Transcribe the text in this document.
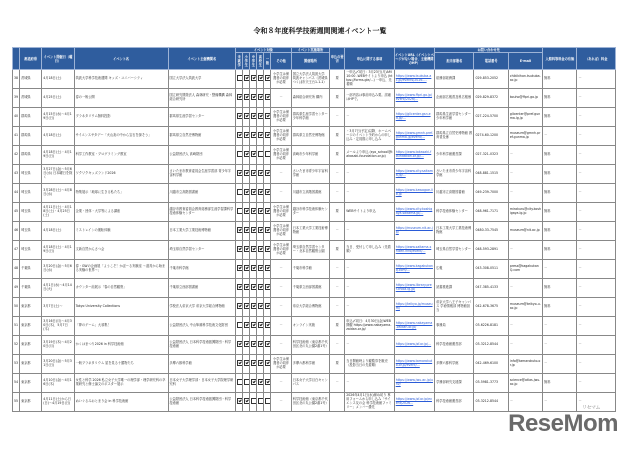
令和８年度科学技術週間関連イベント一覧
	都道府県	イベント開催日（曜日）	イベント名	イベント主催機関名	イベント対象						イベント実施場所	申込の要否	申込に関する事項	イベントURL（イベントページがない場合、主催機関のHP）	お問い合わせ先			入館料等料金の有無	（あれば）料金
					未就学	小学生	中学生	高校生	一般	その他	開催場所				担当部署名	電話番号	E-mail		
38	茨城県	4月18日(土)	筑波大学科学技術週間 キッズ・ユニバーシティ	国立大学法人筑波大学						小学生は保護者の同伴が必要	国立大学法人筑波大学 筑波キャンパス（茨城県つくば市天王台1-1-1）	要	一申込〆切日：3月23日(月)AM10:00 -WEBサイトより申込 (https://forms.gle/...) 一申込、先着順	https://www.tsukuba.ac.jp/events/2026-...	総務部総務課	029-853-2052	chikikihon.tsukuba.ac.jp	無料	－
39	茨城県	4月25日(土)	春の一般公開	国立研究開発法人 森林研究・整備機構 森林総合研究所						－	森林総合研究所 構内	要	一部内容は事前申込み要。詳細はHPで。	https://www.ffpri.go.jp/event/2026/...	企画部広報普及科広報係	029-829-8372	kouho@ffpri.go.jp	無料	－
40	群馬県	4月15日(水)～4月19日(日)	プラネタリウム無料投影	群馬県生涯学習センター						小学生は保護者の同伴が必要	群馬県生涯学習センター 少年科学館	－	－	https://gllcenter.gsn.ed.jp/...	群馬県生涯学習センター少年科学館	027-224-5700	gllcenter@pref.gunma.lg.jp	無料	－
41	群馬県	4月18日(土)	サイエンスサタデー「火山灰の中から宝石を探そう」	群馬県立自然史博物館						小学生は保護者の同伴が必要	群馬県立自然史博物館	要	・3月7日(予定)以降、ホームページのイベント予約からの申し込み・定員数に申し込み	https://www.gmnh.pref.gunma.jp/event/...	群馬県立自然史博物館 教育普及係	0274-60-1200	museum@gmnh.pref.gunma.jp	－	－
42	群馬県	4月18日(土)・4月19日(日)	科学工作教室・プログラミング教室	公益財団法人 高崎財団						小学生は保護者の同伴が必要	高崎市少年科学館	要	メールより申込 (syo_school@takasaki-foundation.or.jp)	https://www.takasaki-foundation.or.jp/...	少年科学館運営課	027-321-0323	－	無料	－
43	埼玉県	3月27日(金)～5月6日(水) 日本曜日を除く	ワクワクキッズランド2026	さいたま市教育委員会生涯学習部 青少年宇宙科学館						－	さいたま市青少年宇宙科学館	－	－	https://www.city.saitama.jp/...	さいたま市青少年宇宙科学館	048-881-1515	－	無料	－
44	埼玉県	3月28日(土)～4月8日(水)	特集展示「地球に生きる私たち」	川越市立高階図書館						－	川越市立高階図書館	－	－	https://www.kawagoe-lib.jp	川越市立高階図書館	049-239-7000	－	無料	－
45	埼玉県	4月11日(土)・4月18日(土)・4月25日(土)	企業・団体・大学等による講座	越谷市教育委員会教育総務部生涯学習課科学技術体験センター						小学生は保護者の同伴が必要	越谷市科学技術体験センター	要	WEBサイトより申込	https://www.city.koshigaya.saitama.jp/...	科学技術体験センター	048-961-7171	mirakuru@city.koshigaya.lg.jp	無料	－
46	埼玉県	4月18日(土)	ミストレインの運転体験	日本工業大学工業技術博物館						小学生は保護者の同伴が必要	日本工業大学工業技術博物館	－	－	https://museum.nit.ac.jp/	日本工業大学工業技術博物館	0480-33-7545	museum@nit.ac.jp	無料	－
47	埼玉県	4月18日(土)・4月19日(日)	文新自然かんさつ会	埼玉県自然学習センター						小学生は保護者の同伴が必要	埼玉県自然学習センター・北本自然観察公園	要	当日、受付して申し込み（先着順）	https://www.saitama-shizen.info/event/...	埼玉県自然学習センター	048-593-2891	－	無料	－
48	千葉県	3月20日(金)～5月6日(水)	春・GWの企画展「ようこそ！かぼーる実験室 ～道具から始まる実験の世界～」	千葉市科学館						－	千葉市科学館	－	－	https://www.kagakukanq.com/...	広報	043-308-0511	press@kagakukanQ.com	－	－
49	千葉県	4月1日(水)～4月14日(火)	カウンター前展示「春の自然観察」	千葉県立西部図書館						－	千葉県立西部図書館	－	－	https://www.library.pref.chiba.lg.jp/	読書推進課	047-385-4133	－	無料	－
50	東京都	3月7日(土)～	Tokyo University Collections	学校法人帝京大学 帝京大学総合博物館						－	帝京大学総合博物館	－	－	https://teikyo.jp/museum/	帝京大学八王子キャンパス 学術情報部 博物館担当	042-678-3675	museum@teikyo-u.ac.jp	無料	－
51	東京都	3月16日(月)～4月30日(木)、5月7日(木)	「夢のゲーム」大募集！	公益財団法人 中山隼雄科学技術文化財団						－	オンライン実施	要	申込〆切日：4月30日(金)WEB開催 https://www.nakayama-zaidan.or.jp/	https://www.nakayama-zaidan.or.jp/	事務局	03-6226-8181	－	－	－
52	東京都	3月19日(木)～4月20日(月)	かくはまつり2026 in 科学技術館	公益財団法人 日本科学技術振興財団・科学技術館						－	科学技術館（東京都千代田区北の丸公園2番1号）	－	－	https://www.jsf.or.jp/...	科学技術館運営部	03-3212-8544	－	－	－
53	東京都	3月20日(金)～5月31日(日)	一般プラネタリウム 星を見る十勝物たち	多摩六都科学館						小学生は保護者の同伴が必要	多摩六都科学館	要	当日開館時より観覧券を販売（投影当日の先着順）	https://www.tamarokuto.or.jp/event/...	多摩六都科学館	042-469-6100	info@tamarokuto.or.jp	－	－
54	東京都	4月10日(金)～4月16日(木)	女性と科学 2026 私立女子大学唯一の理学部・理学研究科の卒業研究と修士論文のポスター展示	日本女子大学理学部・日本女子大学院理学研究科						－	日本女子大学目白キャンパス	－	－	https://www.jwu.ac.jp/unv/	学務部研究支援課	03-5981-3773	science@atlas.jwu.ac.jp	無料	－
55	東京都	4月11日(土)から日(日)～4月19日(日)	ぬいぐるみおとまり会 in 科学技術館	公益財団法人 日本科学技術振興財団・科学技術館						－	科学技術館（東京都千代田区北の丸公園2番1号）		2026年4月1日(水)締め切り 専用フォームから申し込み「サイエンス友の会 科学技術館ファミリー」メンバー優先	https://www.jsf.or.jp/event/2026...	科学技術館運営部	03-3212-8544	－	－	－
リセマム
ReseMom
